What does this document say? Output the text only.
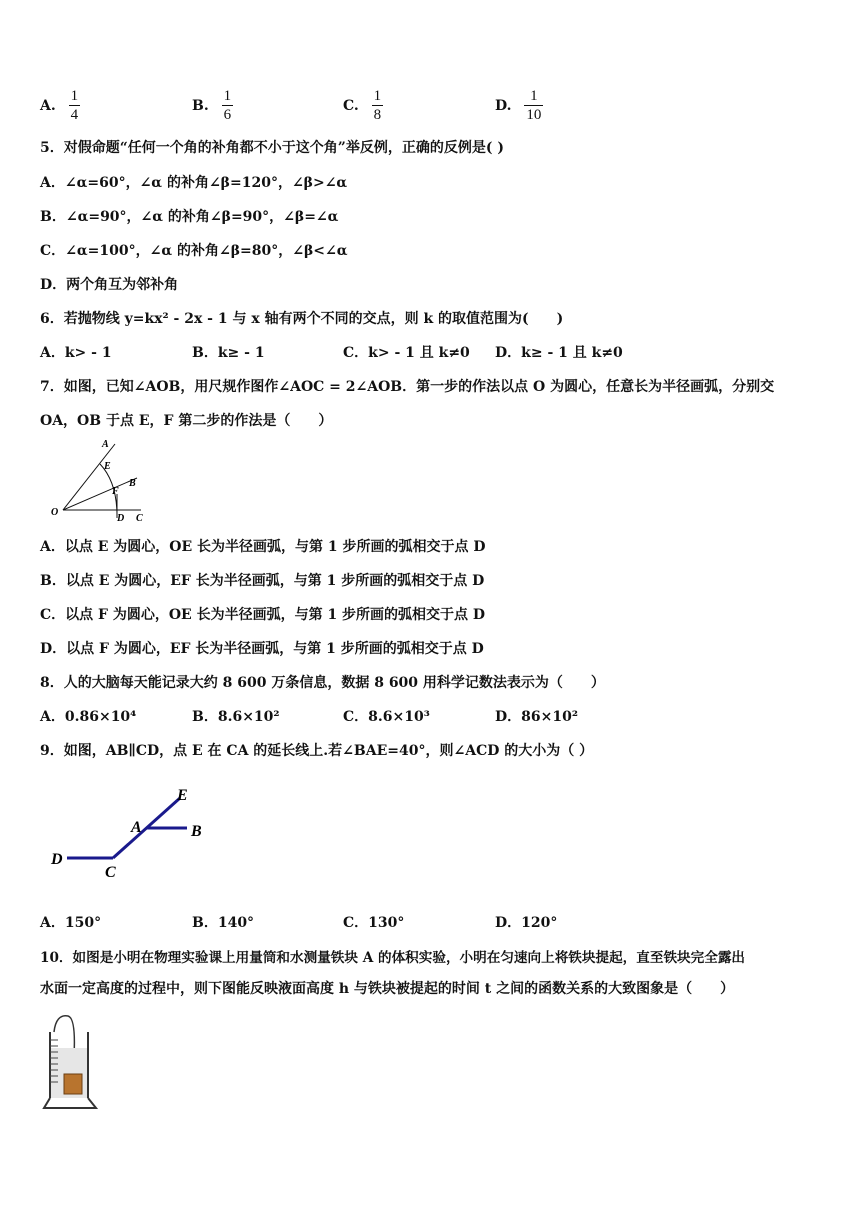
A. $\frac{1}{4}$	B. $\frac{1}{6}$	C. $\frac{1}{8}$	D. $\frac{1}{10}$
5．对假命题“任何一个角的补角都不小于这个角”举反例，正确的反例是( )
A．∠α=60°，∠α 的补角∠β=120°，∠β>∠α
B．∠α=90°，∠α 的补角∠β=90°，∠β=∠α
C．∠α=100°，∠α 的补角∠β=80°，∠β<∠α
D．两个角互为邻补角
6．若抛物线 y=kx² - 2x - 1 与 x 轴有两个不同的交点，则 k 的取值范围为(　　)
A．k> - 1	B．k≥ - 1	C．k> - 1 且 k≠0 D．k≥ - 1 且 k≠0
7．如图，已知∠AOB，用尺规作图作∠AOC = 2∠AOB．第一步的作法以点 O 为圆心，任意长为半径画弧，分别交
OA，OB 于点 E，F 第二步的作法是（　　）
A
E
F
B
O
D C
A．以点 E 为圆心，OE 长为半径画弧，与第 1 步所画的弧相交于点 D
B．以点 E 为圆心，EF 长为半径画弧，与第 1 步所画的弧相交于点 D
C．以点 F 为圆心，OE 长为半径画弧，与第 1 步所画的弧相交于点 D
D．以点 F 为圆心，EF 长为半径画弧，与第 1 步所画的弧相交于点 D
8．人的大脑每天能记录大约 8 600 万条信息，数据 8 600 用科学记数法表示为（　　）
A．0.86×10⁴	B．8.6×10²	C．8.6×10³	D．86×10²
9．如图，AB∥CD，点 E 在 CA 的延长线上.若∠BAE=40°，则∠ACD 的大小为（ ）
E
A	B
D
C
A．150°	B．140°	C．130°	D．120°
10．如图是小明在物理实验课上用量筒和水测量铁块 A 的体积实验，小明在匀速向上将铁块提起，直至铁块完全露出
水面一定高度的过程中，则下图能反映液面高度 h 与铁块被提起的时间 t 之间的函数关系的大致图象是（　　）
